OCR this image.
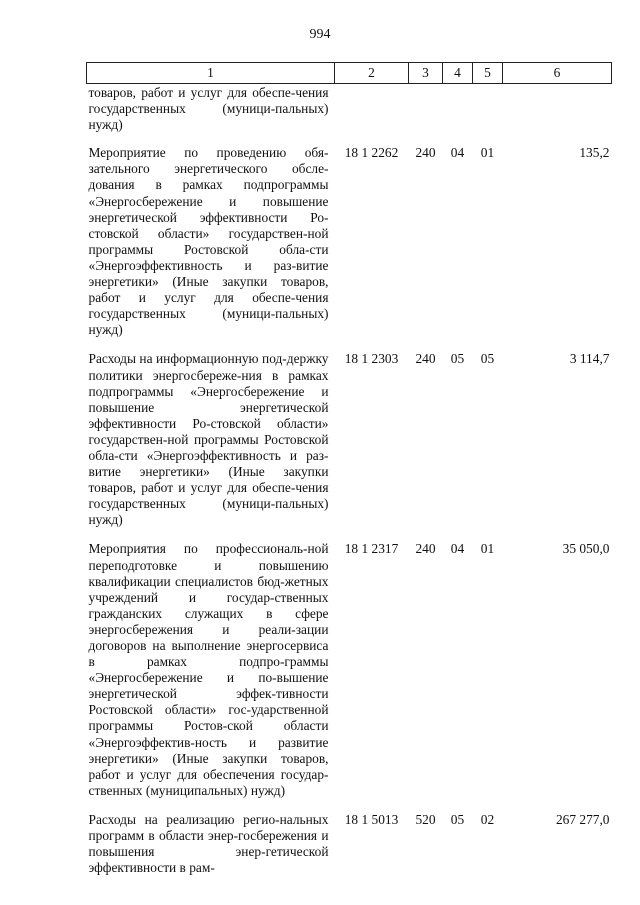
994
1	2	3	4	5	6
товаров, работ и услуг для обеспе-чения государственных (муници-пальных) нужд)					
Мероприятие по проведению обя-зательного энергетического обсле-дования в рамках подпрограммы «Энергосбережение и повышение энергетической эффективности Ро-стовской области» государствен-ной программы Ростовской обла-сти «Энергоэффективность и раз-витие энергетики» (Иные закупки товаров, работ и услуг для обеспе-чения государственных (муници-пальных) нужд)	18 1 2262	240	04	01	135,2
Расходы на информационную под-держку политики энергосбереже-ния в рамках подпрограммы «Энергосбережение и повышение энергетической эффективности Ро-стовской области» государствен-ной программы Ростовской обла-сти «Энергоэффективность и раз-витие энергетики» (Иные закупки товаров, работ и услуг для обеспе-чения государственных (муници-пальных) нужд)	18 1 2303	240	05	05	3 114,7
Мероприятия по профессиональ-ной переподготовке и повышению квалификации специалистов бюд-жетных учреждений и государ-ственных гражданских служащих в сфере энергосбережения и реали-зации договоров на выполнение энергосервиса в рамках подпро-граммы «Энергосбережение и по-вышение энергетической эффек-тивности Ростовской области» гос-ударственной программы Ростов-ской области «Энергоэффектив-ность и развитие энергетики» (Иные закупки товаров, работ и услуг для обеспечения государ-ственных (муниципальных) нужд)	18 1 2317	240	04	01	35 050,0
Расходы на реализацию регио-нальных программ в области энер-госбережения и повышения энер-гетической эффективности в рам-	18 1 5013	520	05	02	267 277,0
